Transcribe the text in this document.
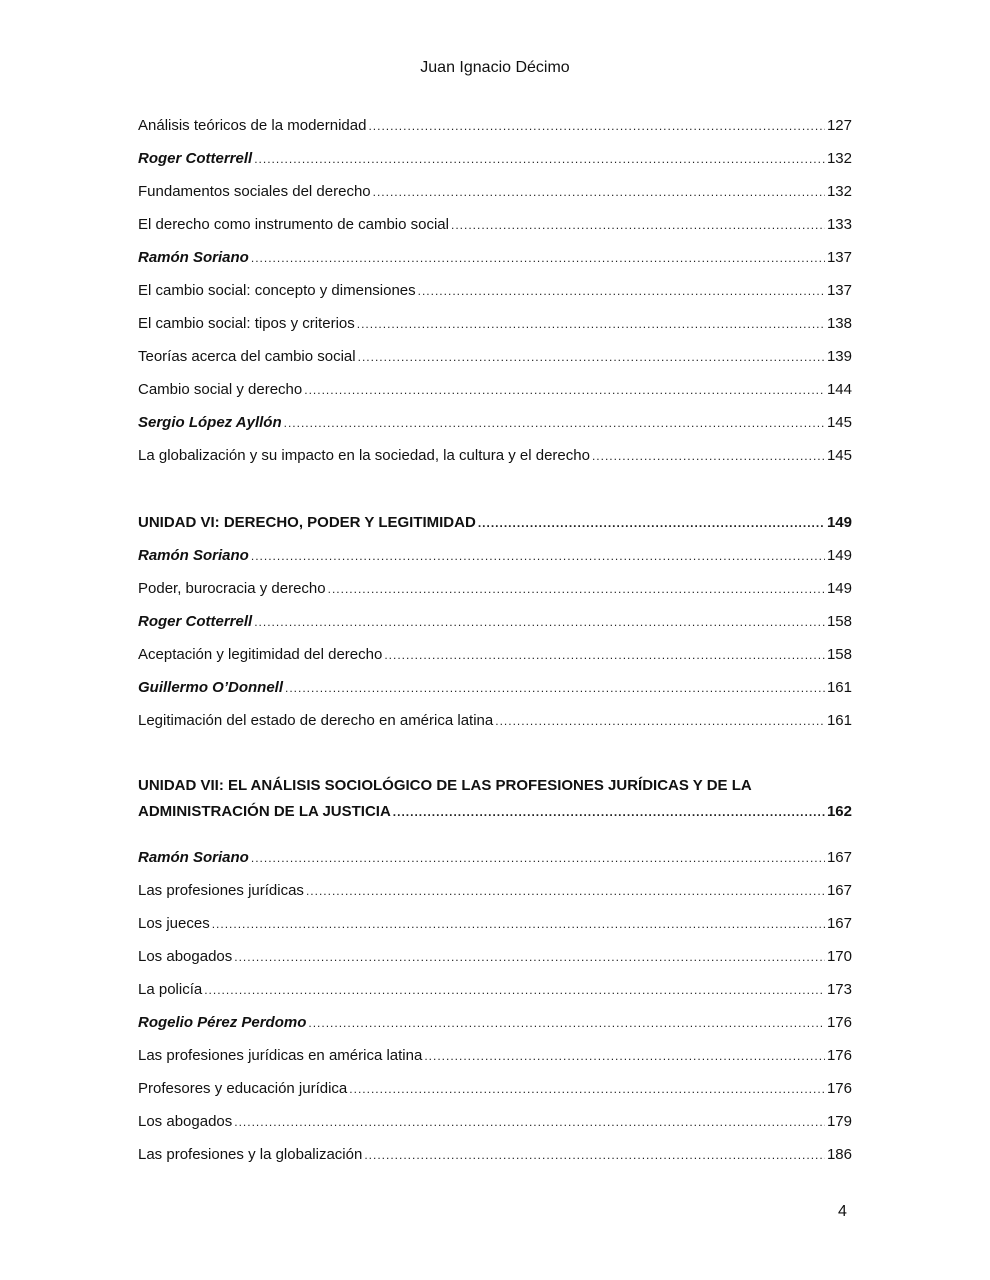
Juan Ignacio Décimo
Análisis teóricos de la modernidad .....	127
Roger Cotterrell .....	132
Fundamentos sociales del derecho .....	132
El derecho como instrumento de cambio social .....	133
Ramón Soriano .....	137
El cambio social: concepto y dimensiones .....	137
El cambio social: tipos y criterios .....	138
Teorías acerca del cambio social .....	139
Cambio social y derecho .....	144
Sergio López Ayllón .....	145
La globalización y su impacto en la sociedad, la cultura y el derecho .....	145
UNIDAD VI: DERECHO, PODER Y LEGITIMIDAD .....	149
Ramón Soriano .....	149
Poder, burocracia y derecho .....	149
Roger Cotterrell .....	158
Aceptación y legitimidad del derecho .....	158
Guillermo O’Donnell .....	161
Legitimación del estado de derecho en américa latina .....	161
UNIDAD VII: EL ANÁLISIS SOCIOLÓGICO DE LAS PROFESIONES JURÍDICAS Y DE LA
ADMINISTRACIÓN DE LA JUSTICIA .....	162
Ramón Soriano .....	167
Las profesiones jurídicas .....	167
Los jueces .....	167
Los abogados .....	170
La policía .....	173
Rogelio Pérez Perdomo .....	176
Las profesiones jurídicas en américa latina .....	176
Profesores y educación jurídica .....	176
Los abogados .....	179
Las profesiones y la globalización .....	186
4
